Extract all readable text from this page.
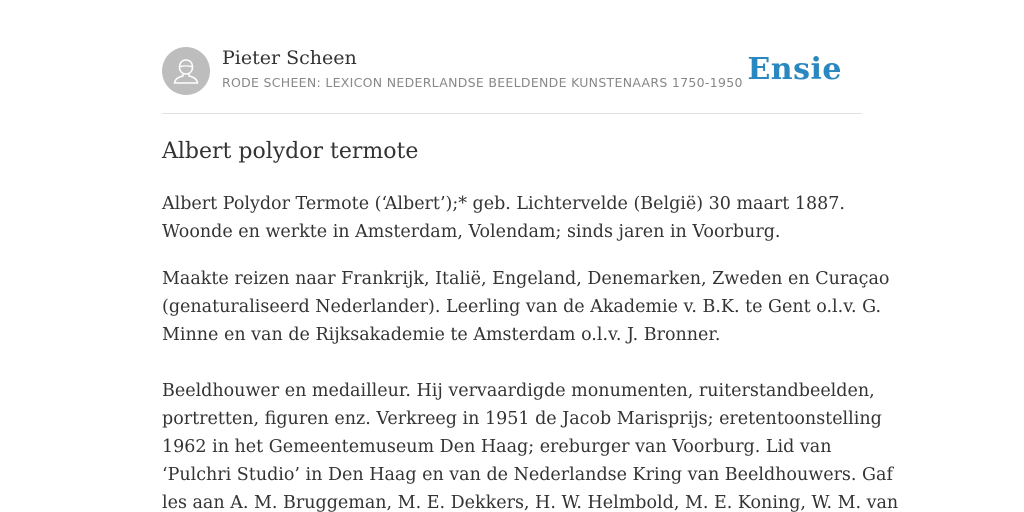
Pieter Scheen
RODE SCHEEN: LEXICON NEDERLANDSE BEELDENDE KUNSTENAARS 1750-1950 Ensie
Albert polydor termote

Albert Polydor Termote (‘Albert’);* geb. Lichtervelde (België) 30 maart 1887.
Woonde en werkte in Amsterdam, Volendam; sinds jaren in Voorburg.

Maakte reizen naar Frankrijk, Italië, Engeland, Denemarken, Zweden en Curaçao
(genaturaliseerd Nederlander). Leerling van de Akademie v. B.K. te Gent o.l.v. G.
Minne en van de Rijksakademie te Amsterdam o.l.v. J. Bronner.
Beeldhouwer en medailleur. Hij vervaardigde monumenten, ruiterstandbeelden,
portretten, figuren enz. Verkreeg in 1951 de Jacob Marisprijs; eretentoonstelling
1962 in het Gemeentemuseum Den Haag; ereburger van Voorburg. Lid van
‘Pulchri Studio’ in Den Haag en van de Nederlandse Kring van Beeldhouwers. Gaf
les aan A. M. Bruggeman, M. E. Dekkers, H. W. Helmbold, M. E. Koning, W. M. van
